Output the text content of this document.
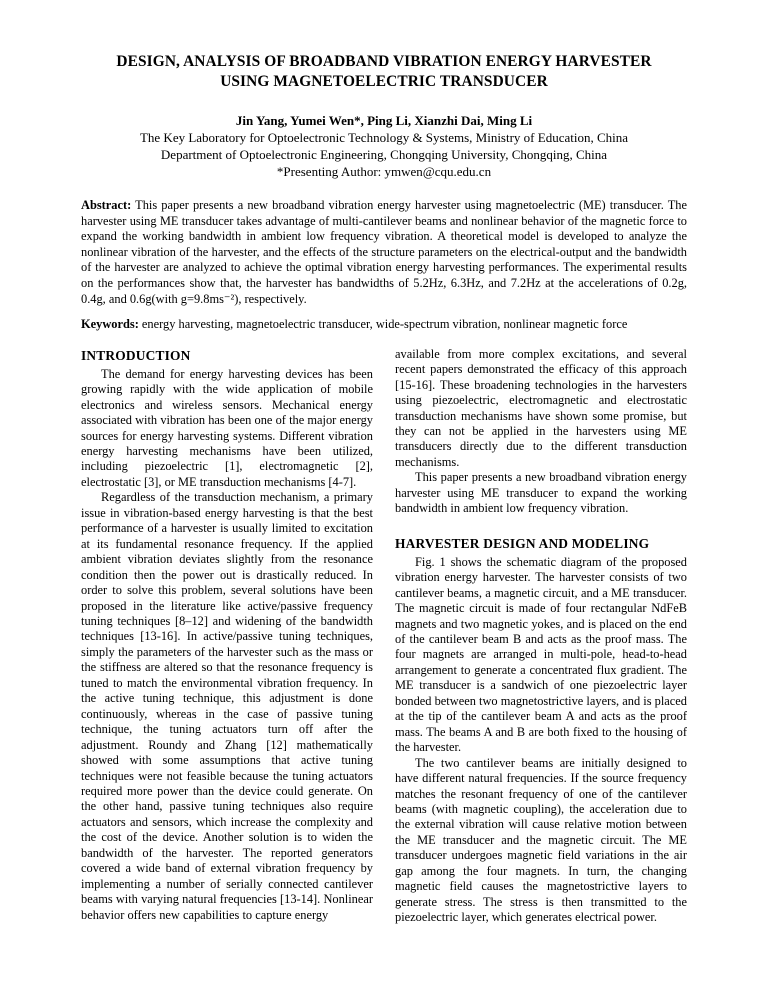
DESIGN, ANALYSIS OF BROADBAND VIBRATION ENERGY HARVESTER
USING MAGNETOELECTRIC TRANSDUCER
Jin Yang, Yumei Wen*, Ping Li, Xianzhi Dai, Ming Li
The Key Laboratory for Optoelectronic Technology & Systems, Ministry of Education, China
Department of Optoelectronic Engineering, Chongqing University, Chongqing, China
*Presenting Author: ymwen@cqu.edu.cn
Abstract: This paper presents a new broadband vibration energy harvester using magnetoelectric (ME) transducer. The harvester using ME transducer takes advantage of multi-cantilever beams and nonlinear behavior of the magnetic force to expand the working bandwidth in ambient low frequency vibration. A theoretical model is developed to analyze the nonlinear vibration of the harvester, and the effects of the structure parameters on the electrical-output and the bandwidth of the harvester are analyzed to achieve the optimal vibration energy harvesting performances. The experimental results on the performances show that, the harvester has bandwidths of 5.2Hz, 6.3Hz, and 7.2Hz at the accelerations of 0.2g, 0.4g, and 0.6g(with g=9.8ms⁻²), respectively.
Keywords: energy harvesting, magnetoelectric transducer, wide-spectrum vibration, nonlinear magnetic force
INTRODUCTION

The demand for energy harvesting devices has been growing rapidly with the wide application of mobile electronics and wireless sensors. Mechanical energy associated with vibration has been one of the major energy sources for energy harvesting systems. Different vibration energy harvesting mechanisms have been utilized, including piezoelectric [1], electromagnetic [2], electrostatic [3], or ME transduction mechanisms [4-7].

Regardless of the transduction mechanism, a primary issue in vibration-based energy harvesting is that the best performance of a harvester is usually limited to excitation at its fundamental resonance frequency. If the applied ambient vibration deviates slightly from the resonance condition then the power out is drastically reduced. In order to solve this problem, several solutions have been proposed in the literature like active/passive frequency tuning techniques [8–12] and widening of the bandwidth techniques [13-16]. In active/passive tuning techniques, simply the parameters of the harvester such as the mass or the stiffness are altered so that the resonance frequency is tuned to match the environmental vibration frequency. In the active tuning technique, this adjustment is done continuously, whereas in the case of passive tuning technique, the tuning actuators turn off after the adjustment. Roundy and Zhang [12] mathematically showed with some assumptions that active tuning techniques were not feasible because the tuning actuators required more power than the device could generate. On the other hand, passive tuning techniques also require actuators and sensors, which increase the complexity and the cost of the device. Another solution is to widen the bandwidth of the harvester. The reported generators covered a wide band of external vibration frequency by implementing a number of serially connected cantilever beams with varying natural frequencies [13-14]. Nonlinear behavior offers new capabilities to capture energy

available from more complex excitations, and several recent papers demonstrated the efficacy of this approach [15-16]. These broadening technologies in the harvesters using piezoelectric, electromagnetic and electrostatic transduction mechanisms have shown some promise, but they can not be applied in the harvesters using ME transducers directly due to the different transduction mechanisms.

This paper presents a new broadband vibration energy harvester using ME transducer to expand the working bandwidth in ambient low frequency vibration.

HARVESTER DESIGN AND MODELING

Fig. 1 shows the schematic diagram of the proposed vibration energy harvester. The harvester consists of two cantilever beams, a magnetic circuit, and a ME transducer. The magnetic circuit is made of four rectangular NdFeB magnets and two magnetic yokes, and is placed on the end of the cantilever beam B and acts as the proof mass. The four magnets are arranged in multi-pole, head-to-head arrangement to generate a concentrated flux gradient. The ME transducer is a sandwich of one piezoelectric layer bonded between two magnetostrictive layers, and is placed at the tip of the cantilever beam A and acts as the proof mass. The beams A and B are both fixed to the housing of the harvester.

The two cantilever beams are initially designed to have different natural frequencies. If the source frequency matches the resonant frequency of one of the cantilever beams (with magnetic coupling), the acceleration due to the external vibration will cause relative motion between the ME transducer and the magnetic circuit. The ME transducer undergoes magnetic field variations in the air gap among the four magnets. In turn, the changing magnetic field causes the magnetostrictive layers to generate stress. The stress is then transmitted to the piezoelectric layer, which generates electrical power.
